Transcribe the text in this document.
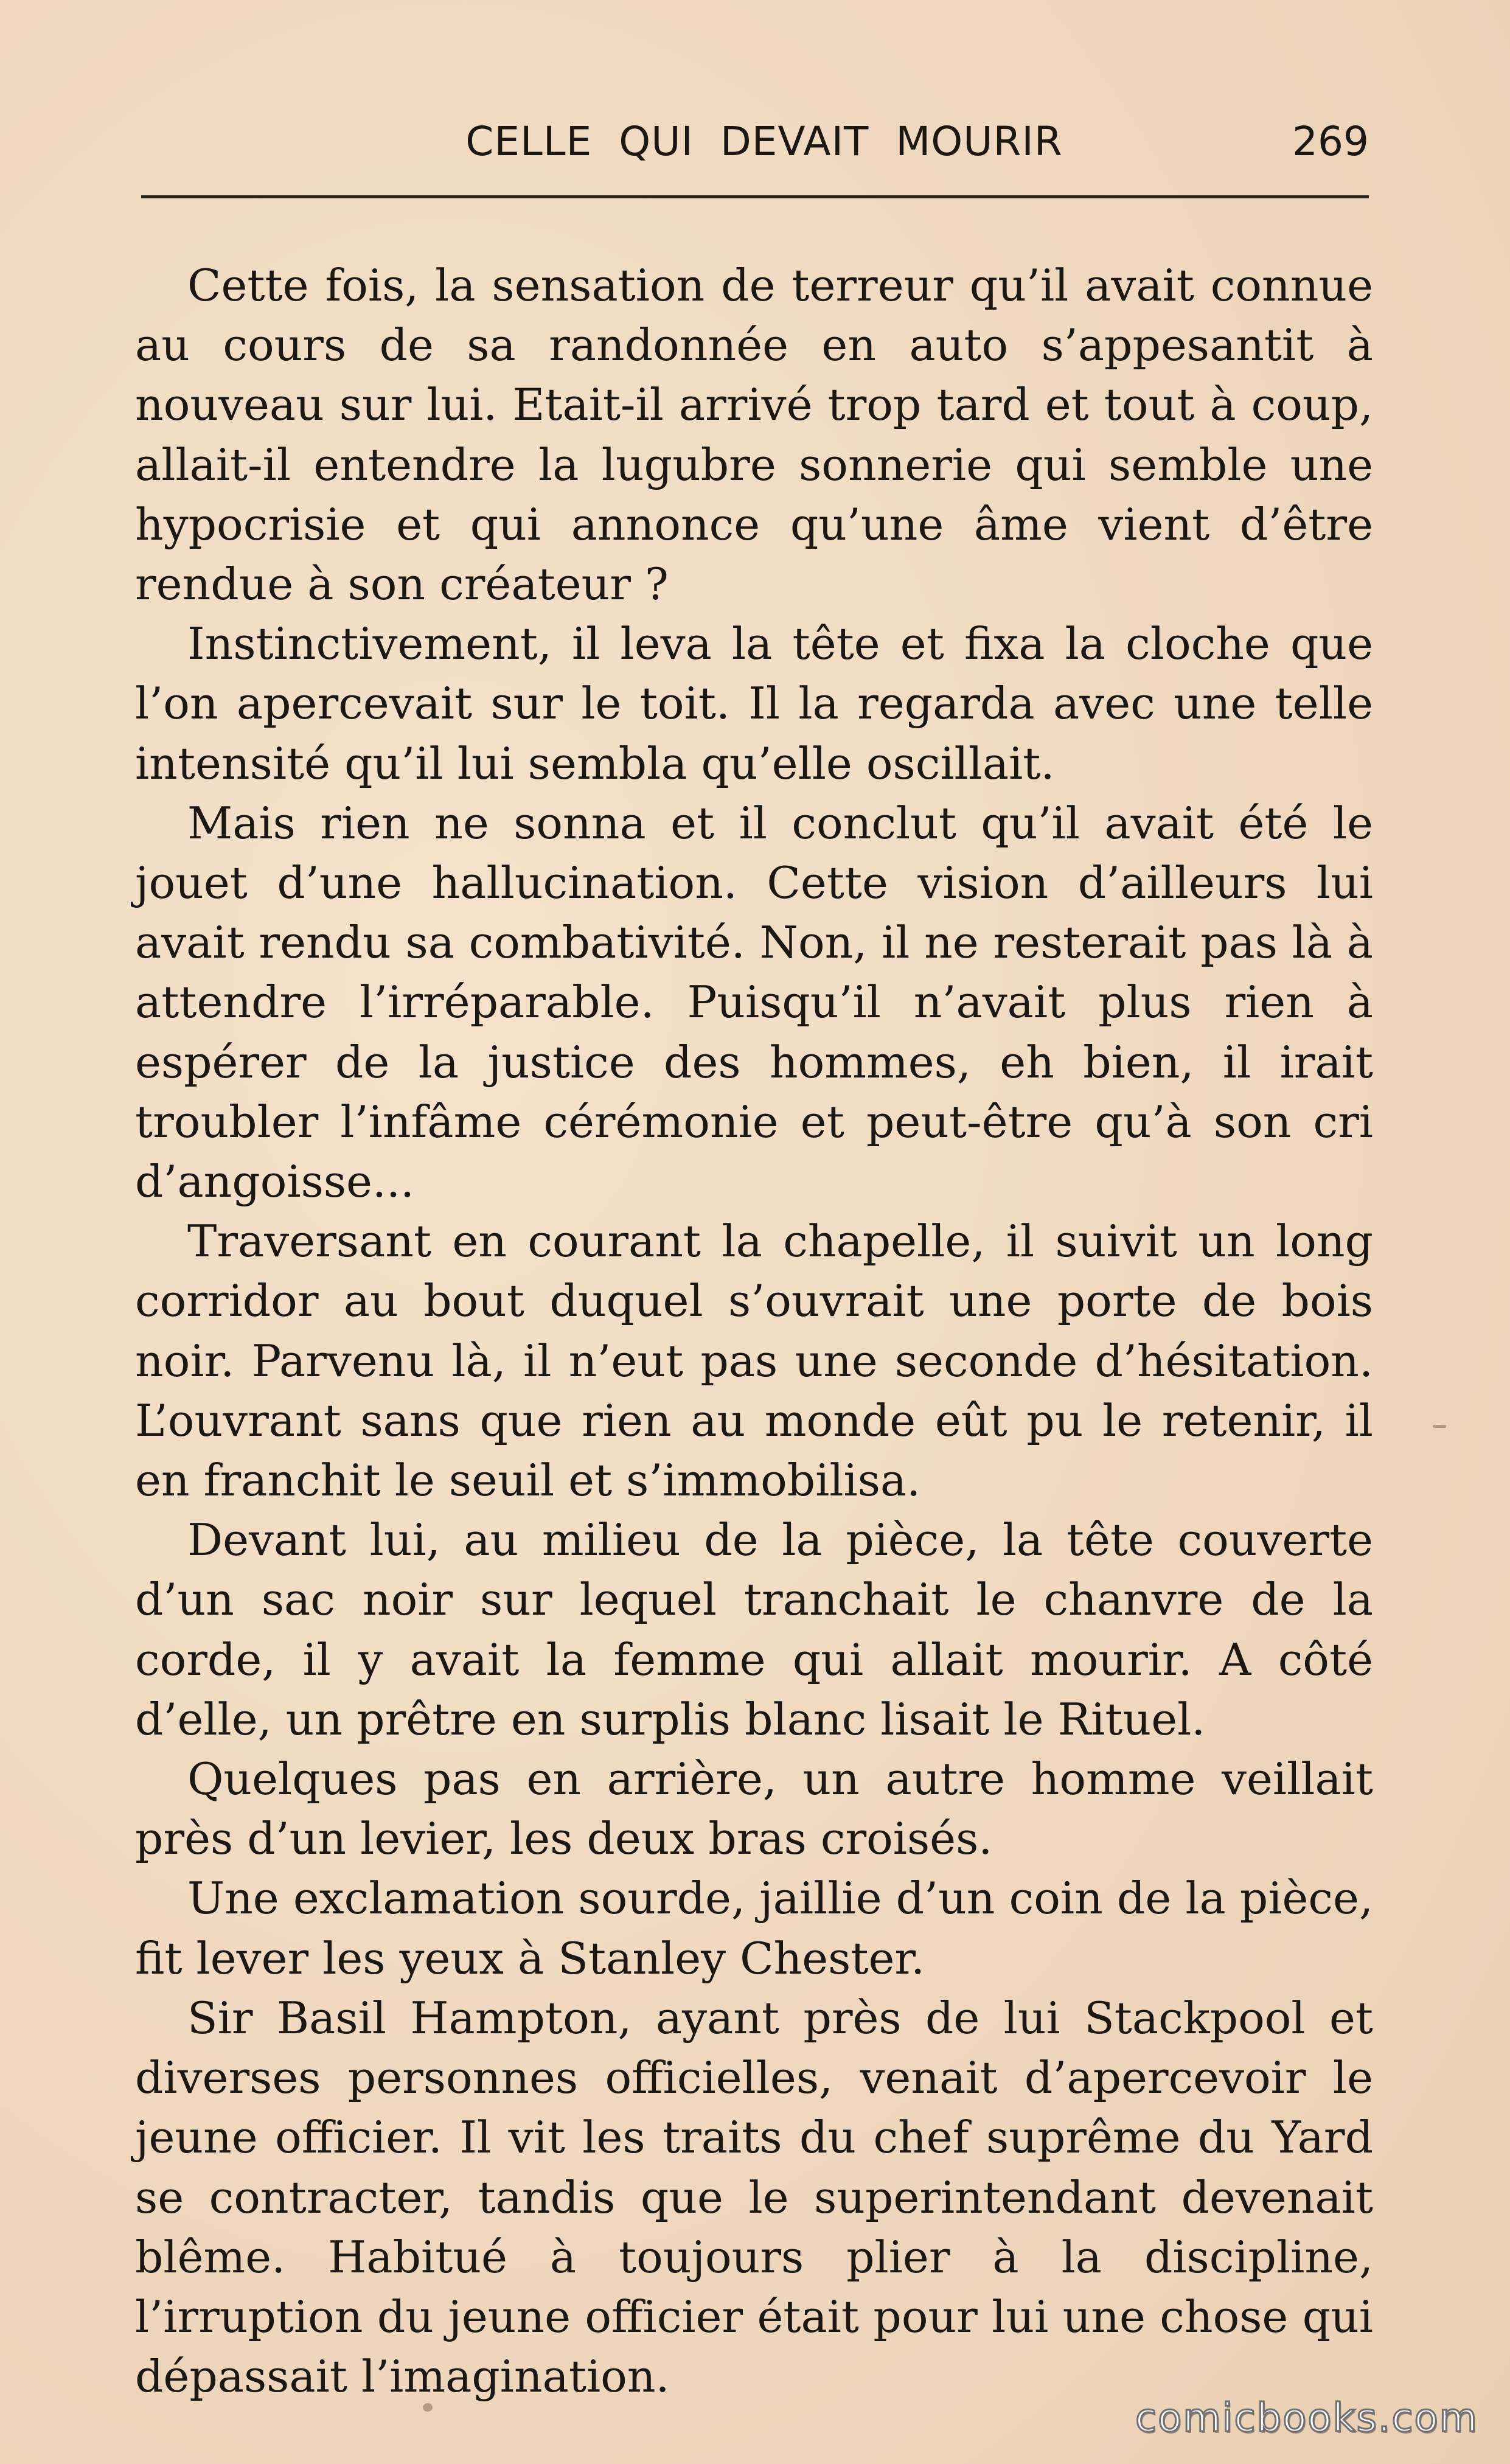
CELLE QUI DEVAIT MOURIR	269

Cette fois, la sensation de terreur qu’il avait connue au cours de sa randonnée en auto s’appesantit à nouveau sur lui. Etait-il arrivé trop tard et tout à coup, allait-il entendre la lugubre sonnerie qui semble une hypocrisie et qui annonce qu’une âme vient d’être rendue à son créateur ?

Instinctivement, il leva la tête et fixa la cloche que l’on apercevait sur le toit. Il la regarda avec une telle intensité qu’il lui sembla qu’elle oscillait.

Mais rien ne sonna et il conclut qu’il avait été le jouet d’une hallucination. Cette vision d’ailleurs lui avait rendu sa combativité. Non, il ne resterait pas là à attendre l’irréparable. Puisqu’il n’avait plus rien à espérer de la justice des hommes, eh bien, il irait troubler l’infâme cérémonie et peut-être qu’à son cri d’angoisse...

Traversant en courant la chapelle, il suivit un long corridor au bout duquel s’ouvrait une porte de bois noir. Parvenu là, il n’eut pas une seconde d’hésitation. L’ouvrant sans que rien au monde eût pu le retenir, il en franchit le seuil et s’immobilisa.

Devant lui, au milieu de la pièce, la tête couverte d’un sac noir sur lequel tranchait le chanvre de la corde, il y avait la femme qui allait mourir. A côté d’elle, un prêtre en surplis blanc lisait le Rituel.

Quelques pas en arrière, un autre homme veillait près d’un levier, les deux bras croisés.

Une exclamation sourde, jaillie d’un coin de la pièce, fit lever les yeux à Stanley Chester.

Sir Basil Hampton, ayant près de lui Stackpool et diverses personnes officielles, venait d’apercevoir le jeune officier. Il vit les traits du chef suprême du Yard se contracter, tandis que le superintendant devenait blême. Habitué à toujours plier à la discipline, l’irruption du jeune officier était pour lui une chose qui dépassait l’imagination.

comicbooks.com
